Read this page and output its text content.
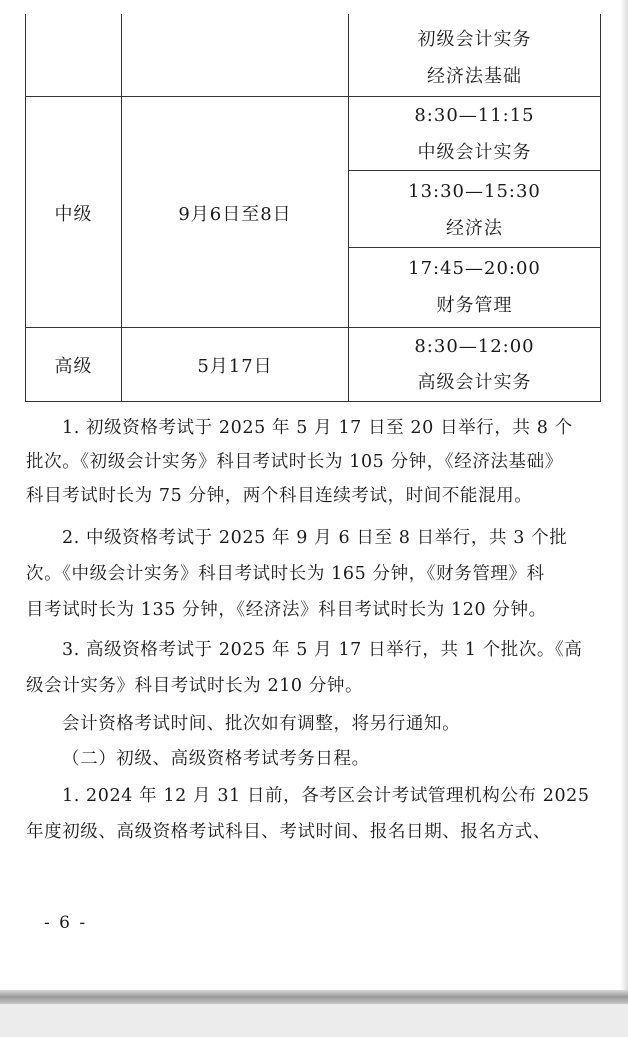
初级会计实务
经济法基础
中级	9月6日至8日
8:30—11:15
中级会计实务
13:30—15:30
经济法
17:45—20:00
财务管理
高级	5月17日
8:30—12:00
高级会计实务
1. 初级资格考试于 2025 年 5 月 17 日至 20 日举行，共 8 个
批次。《初级会计实务》科目考试时长为 105 分钟，《经济法基础》
科目考试时长为 75 分钟，两个科目连续考试，时间不能混用。
2. 中级资格考试于 2025 年 9 月 6 日至 8 日举行，共 3 个批
次。《中级会计实务》科目考试时长为 165 分钟，《财务管理》科
目考试时长为 135 分钟，《经济法》科目考试时长为 120 分钟。
3. 高级资格考试于 2025 年 5 月 17 日举行，共 1 个批次。《高
级会计实务》科目考试时长为 210 分钟。
会计资格考试时间、批次如有调整，将另行通知。
（二）初级、高级资格考试考务日程。
1. 2024 年 12 月 31 日前，各考区会计考试管理机构公布 2025
年度初级、高级资格考试科目、考试时间、报名日期、报名方式、
- 6 -
